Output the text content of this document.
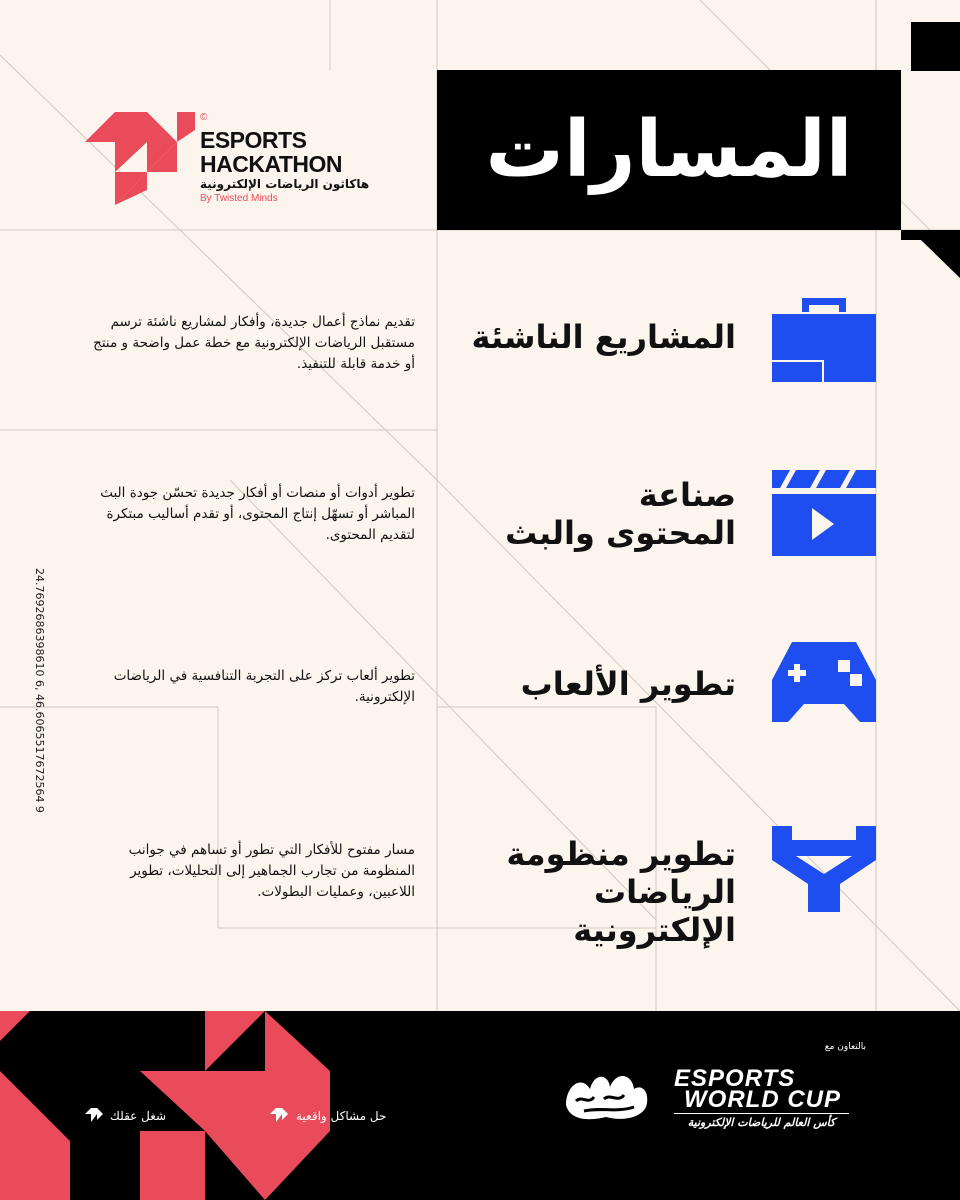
©
ESPORTS
HACKATHON
هاكاثون الرياضات الإلكترونية
By Twisted Minds
المسارات
المشاريع الناشئة
تقديم نماذج أعمال جديدة، وأفكار لمشاريع ناشئة ترسم مستقبل الرياضات الإلكترونية مع خطة عمل واضحة و منتج أو خدمة قابلة للتنفيذ.
صناعة المحتوى والبث
تطوير أدوات أو منصات أو أفكار جديدة تحسّن جودة البث المباشر أو تسهّل إنتاج المحتوى، أو تقدم أساليب مبتكرة لتقديم المحتوى.
تطوير الألعاب
تطوير ألعاب تركز على التجربة التنافسية في الرياضات الإلكترونية.
تطوير منظومة الرياضات الإلكترونية
مسار مفتوح للأفكار التي تطور أو تساهم في جوانب المنظومة من تجارب الجماهير إلى التحليلات، تطوير اللاعبين، وعمليات البطولات.
24.7692686398610 6, 46.6065517672564 9
بالتعاون مع
ESPORTS
WORLD CUP
كأس العالم للرياضات الإلكترونية
شغل عقلك	حل مشاكل واقعية
